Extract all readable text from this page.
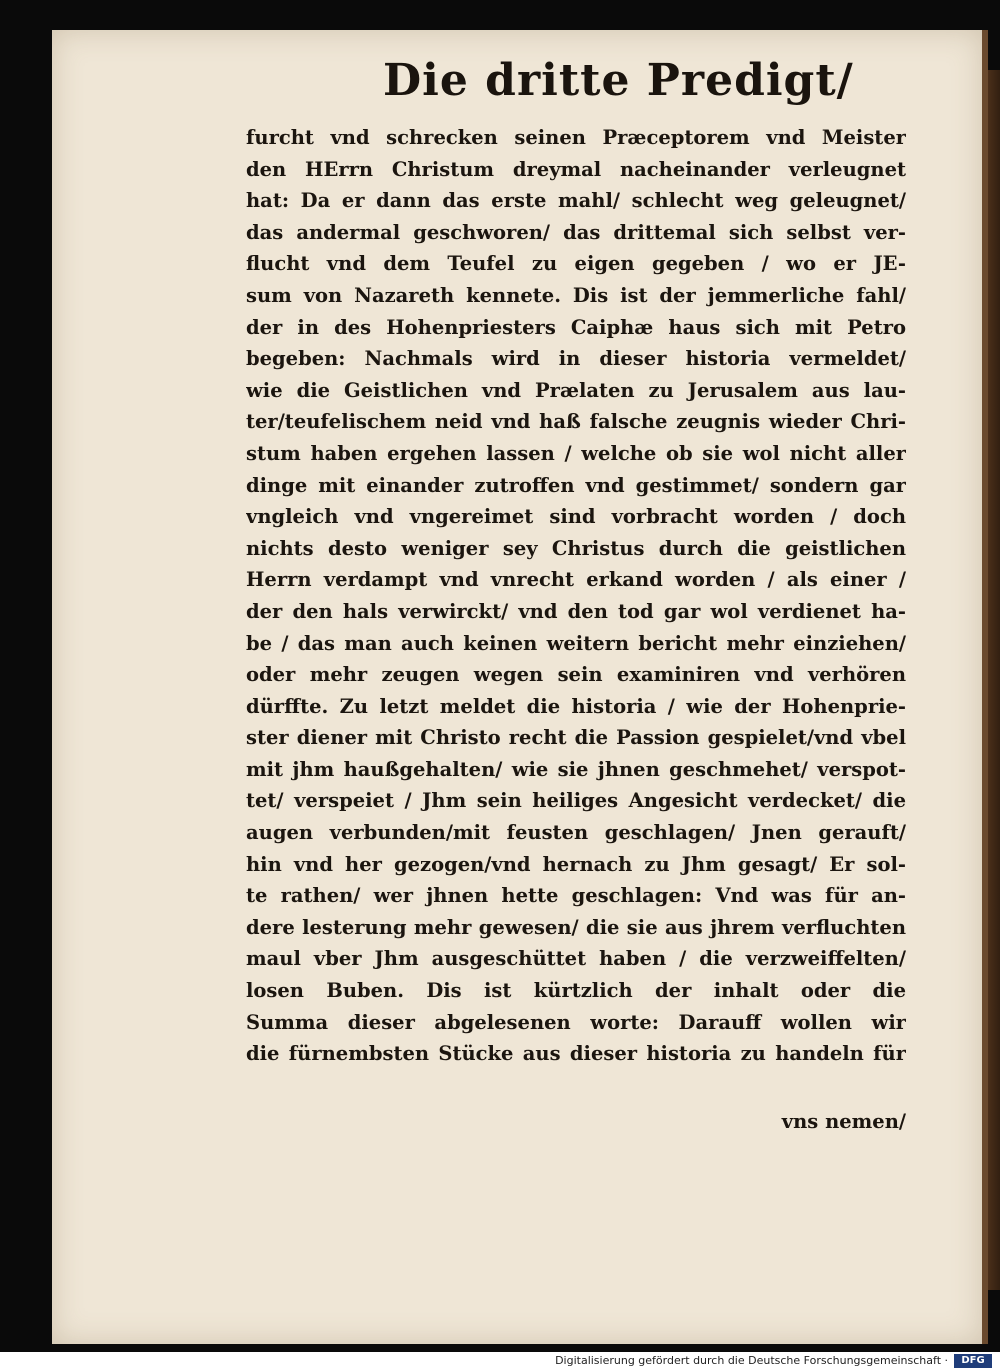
Die dritte Predigt/
furcht vnd schrecken seinen Præceptorem vnd Meister
den HErrn Christum dreymal nacheinander verleugnet
hat: Da er dann das erste mahl/ schlecht weg geleugnet/
das andermal geschworen/ das drittemal sich selbst ver-
flucht vnd dem Teufel zu eigen gegeben / wo er JE-
sum von Nazareth kennete. Dis ist der jemmerliche fahl/
der in des Hohenpriesters Caiphæ haus sich mit Petro
begeben: Nachmals wird in dieser historia vermeldet/
wie die Geistlichen vnd Prælaten zu Jerusalem aus lau-
ter/teufelischem neid vnd haß falsche zeugnis wieder Chri-
stum haben ergehen lassen / welche ob sie wol nicht aller
dinge mit einander zutroffen vnd gestimmet/ sondern gar
vngleich vnd vngereimet sind vorbracht worden / doch
nichts desto weniger sey Christus durch die geistlichen
Herrn verdampt vnd vnrecht erkand worden / als einer /
der den hals verwirckt/ vnd den tod gar wol verdienet ha-
be / das man auch keinen weitern bericht mehr einziehen/
oder mehr zeugen wegen sein examiniren vnd verhören
dürffte. Zu letzt meldet die historia / wie der Hohenprie-
ster diener mit Christo recht die Passion gespielet/vnd vbel
mit jhm haußgehalten/ wie sie jhnen geschmehet/ verspot-
tet/ verspeiet / Jhm sein heiliges Angesicht verdecket/ die
augen verbunden/mit feusten geschlagen/ Jnen gerauft/
hin vnd her gezogen/vnd hernach zu Jhm gesagt/ Er sol-
te rathen/ wer jhnen hette geschlagen: Vnd was für an-
dere lesterung mehr gewesen/ die sie aus jhrem verfluchten
maul vber Jhm ausgeschüttet haben / die verzweiffelten/
losen Buben. Dis ist kürtzlich der inhalt oder die
Summa dieser abgelesenen worte: Darauff wollen wir
die fürnembsten Stücke aus dieser historia zu handeln für
vns nemen/
Digitalisierung gefördert durch die Deutsche Forschungsgemeinschaft ·	DFG
